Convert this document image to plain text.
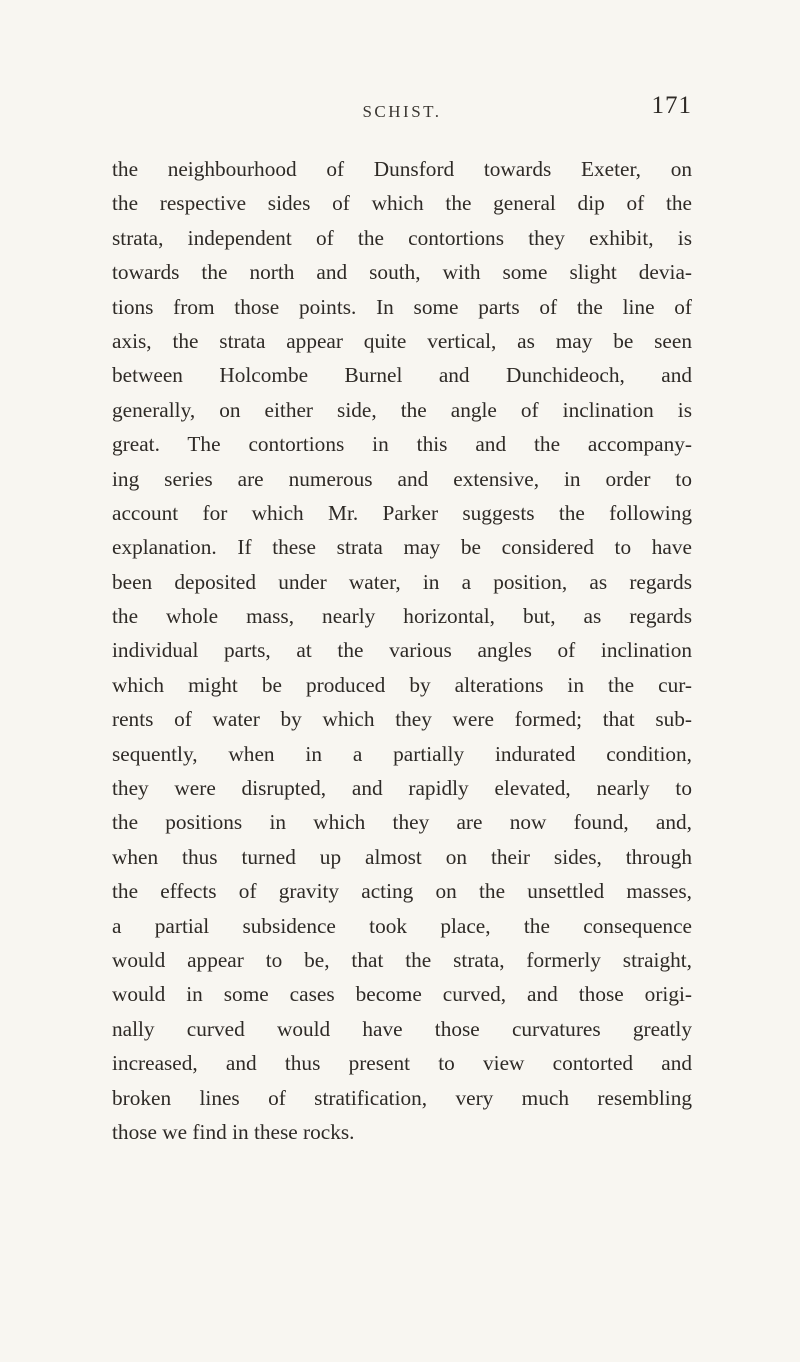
SCHIST.	171
the neighbourhood of Dunsford towards Exeter, on
the respective sides of which the general dip of the
strata, independent of the contortions they exhibit, is
towards the north and south, with some slight devia-
tions from those points. In some parts of the line of
axis, the strata appear quite vertical, as may be seen
between Holcombe Burnel and Dunchideoch, and
generally, on either side, the angle of inclination is
great. The contortions in this and the accompany-
ing series are numerous and extensive, in order to
account for which Mr. Parker suggests the following
explanation. If these strata may be considered to have
been deposited under water, in a position, as regards
the whole mass, nearly horizontal, but, as regards
individual parts, at the various angles of inclination
which might be produced by alterations in the cur-
rents of water by which they were formed; that sub-
sequently, when in a partially indurated condition,
they were disrupted, and rapidly elevated, nearly to
the positions in which they are now found, and,
when thus turned up almost on their sides, through
the effects of gravity acting on the unsettled masses,
a partial subsidence took place, the consequence
would appear to be, that the strata, formerly straight,
would in some cases become curved, and those origi-
nally curved would have those curvatures greatly
increased, and thus present to view contorted and
broken lines of stratification, very much resembling
those we find in these rocks.
